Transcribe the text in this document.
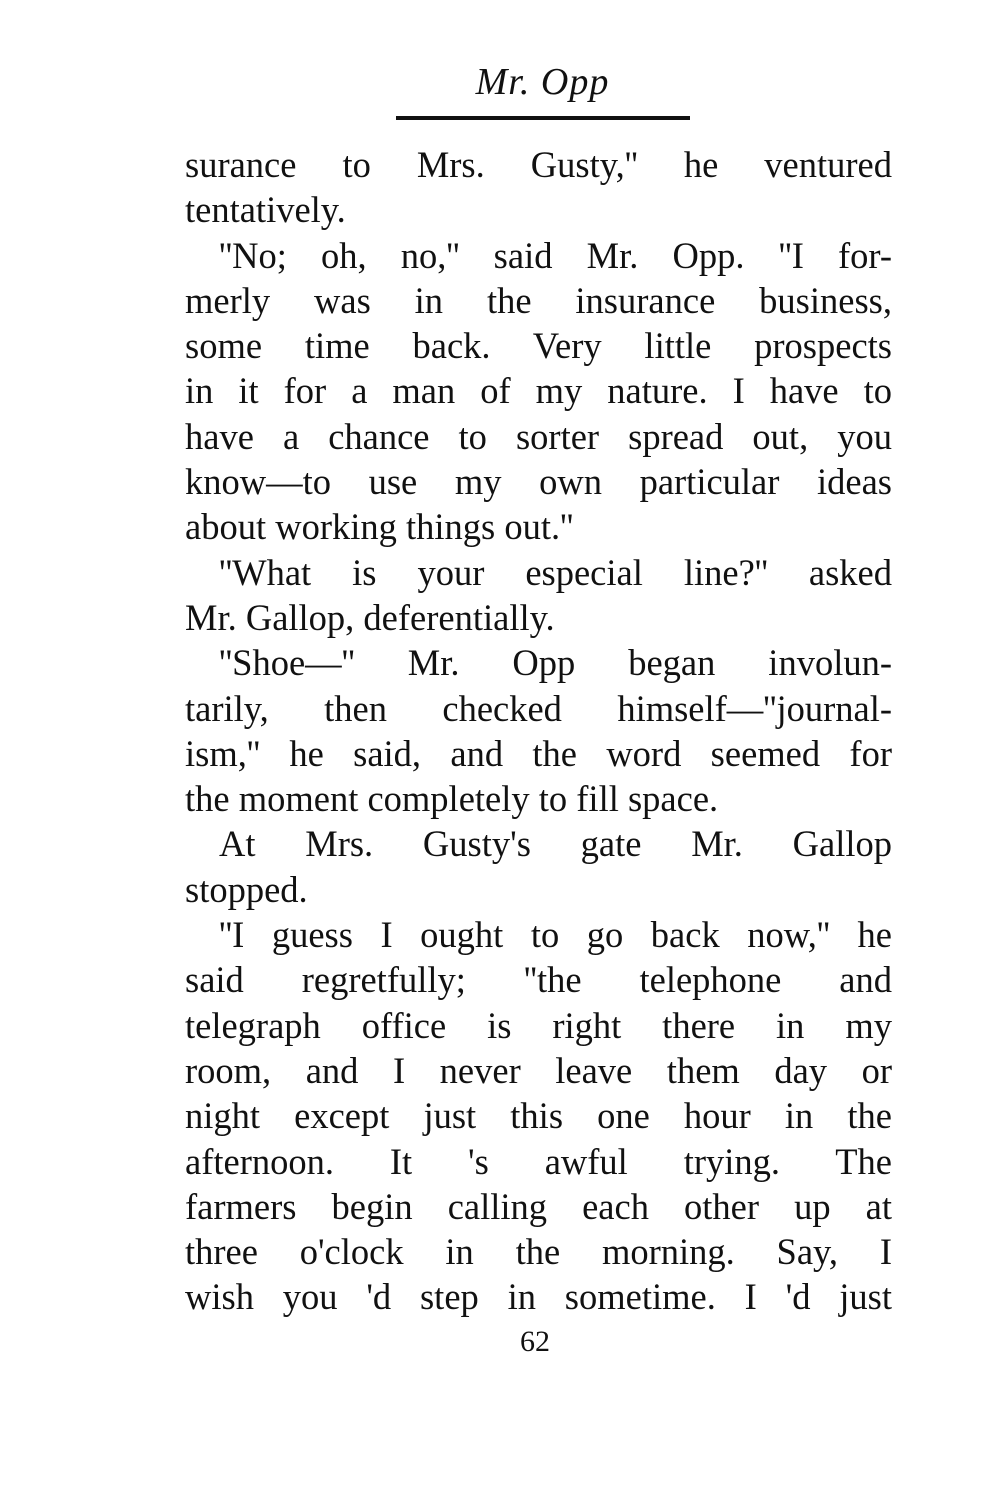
Mr. Opp
surance to Mrs. Gusty,'' he ventured
tentatively.
''No; oh, no,'' said Mr. Opp. ''I for-
merly was in the insurance business,
some time back. Very little prospects
in it for a man of my nature. I have to
have a chance to sorter spread out, you
know—to use my own particular ideas
about working things out.''
''What is your especial line?'' asked
Mr. Gallop, deferentially.
''Shoe—'' Mr. Opp began involun-
tarily, then checked himself—''journal-
ism,'' he said, and the word seemed for
the moment completely to fill space.
At Mrs. Gusty's gate Mr. Gallop
stopped.
''I guess I ought to go back now,'' he
said regretfully; ''the telephone and
telegraph office is right there in my
room, and I never leave them day or
night except just this one hour in the
afternoon. It 's awful trying. The
farmers begin calling each other up at
three o'clock in the morning. Say, I
wish you 'd step in sometime. I 'd just
62
